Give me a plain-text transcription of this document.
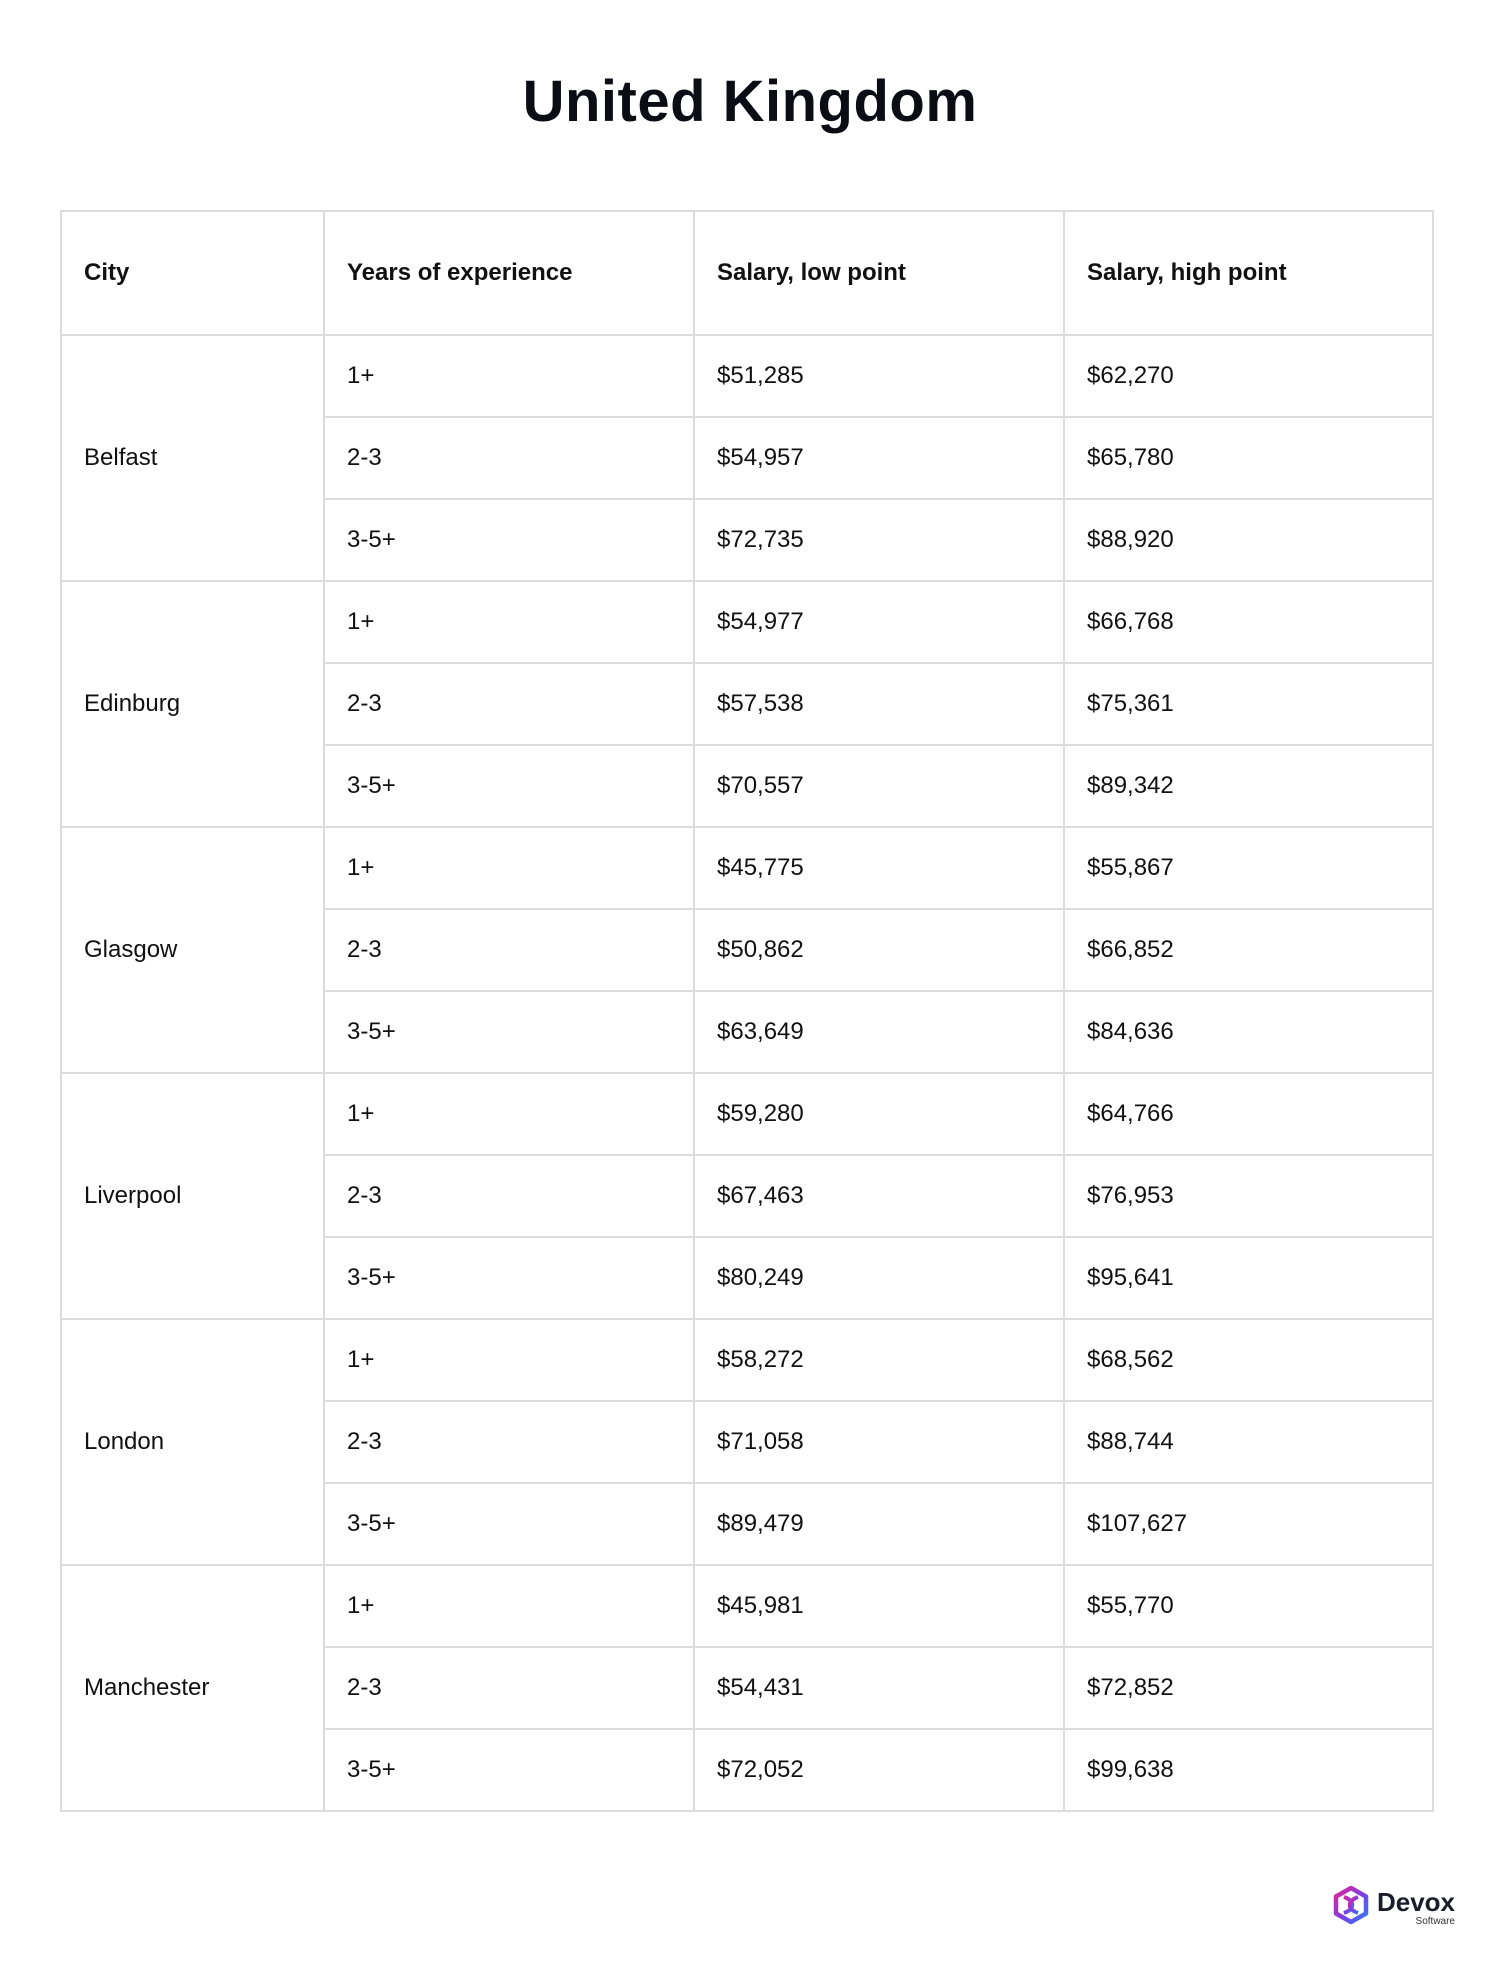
United Kingdom
City	Years of experience	Salary, low point	Salary, high point
Belfast	1+	$51,285	$62,270
	2-3	$54,957	$65,780
	3-5+	$72,735	$88,920
Edinburg	1+	$54,977	$66,768
	2-3	$57,538	$75,361
	3-5+	$70,557	$89,342
Glasgow	1+	$45,775	$55,867
	2-3	$50,862	$66,852
	3-5+	$63,649	$84,636
Liverpool	1+	$59,280	$64,766
	2-3	$67,463	$76,953
	3-5+	$80,249	$95,641
London	1+	$58,272	$68,562
	2-3	$71,058	$88,744
	3-5+	$89,479	$107,627
Manchester	1+	$45,981	$55,770
	2-3	$54,431	$72,852
	3-5+	$72,052	$99,638
Devox
Software
